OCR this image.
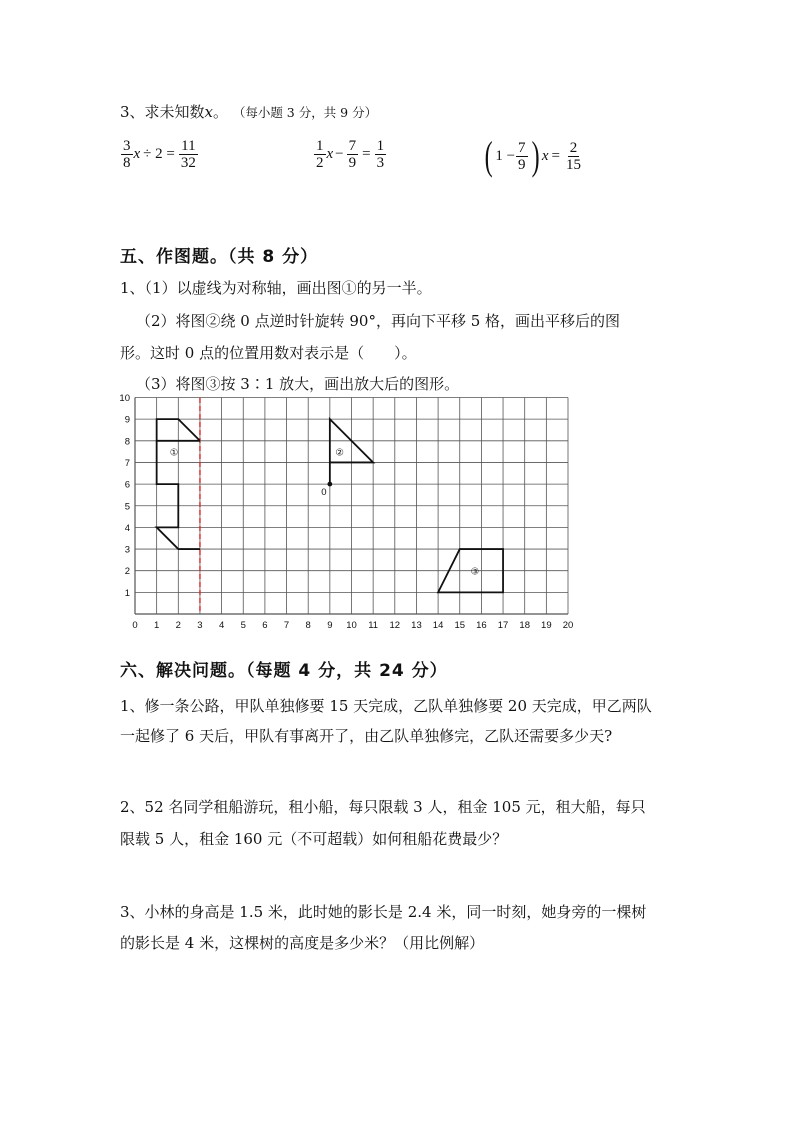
3、求未知数x。 （每小题 3 分，共 9 分）
$\frac{3}{8}$ $x \div 2 = \frac{11}{32}$	$\frac{1}{2}$ $x - \frac{7}{9} = \frac{1}{3}$ ( $1 - \frac{7}{9}$ ) $x = \frac{2}{15}$
五、作图题。（共 8 分）
1、（1）以虚线为对称轴，画出图①的另一半。
（2）将图②绕 0 点逆时针旋转 90°，再向下平移 5 格，画出平移后的图
形。这时 0 点的位置用数对表示是（　　）。
（3）将图③按 3∶1 放大，画出放大后的图形。
0 1 2 3 4 5 6 7 8 9 10 11 12 13 14 15 16 17 18 19 20
1
2
3
4
5
6
7
8
9
10
①
0
②
③
六、解决问题。（每题 4 分，共 24 分）
1、修一条公路，甲队单独修要 15 天完成，乙队单独修要 20 天完成，甲乙两队
一起修了 6 天后，甲队有事离开了，由乙队单独修完，乙队还需要多少天?
2、52 名同学租船游玩，租小船，每只限载 3 人，租金 105 元，租大船，每只
限载 5 人，租金 160 元（不可超载）如何租船花费最少？
3、小林的身高是 1.5 米，此时她的影长是 2.4 米，同一时刻，她身旁的一棵树
的影长是 4 米，这棵树的高度是多少米？（用比例解）
